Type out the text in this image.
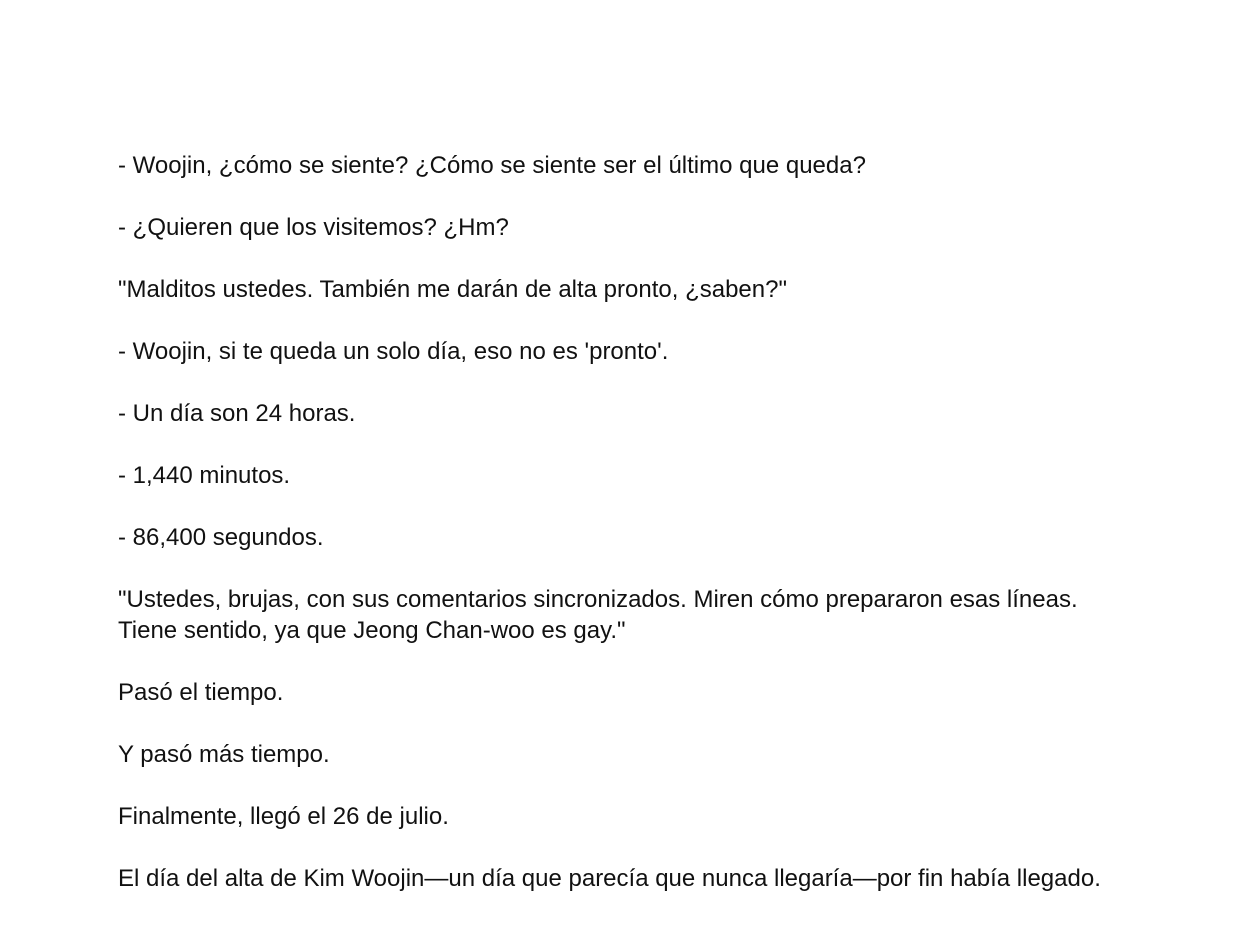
- Woojin, ¿cómo se siente? ¿Cómo se siente ser el último que queda?

- ¿Quieren que los visitemos? ¿Hm?

"Malditos ustedes. También me darán de alta pronto, ¿saben?"

- Woojin, si te queda un solo día, eso no es 'pronto'.

- Un día son 24 horas.

- 1,440 minutos.

- 86,400 segundos.

"Ustedes, brujas, con sus comentarios sincronizados. Miren cómo prepararon esas líneas. Tiene sentido, ya que Jeong Chan-woo es gay."

Pasó el tiempo.

Y pasó más tiempo.

Finalmente, llegó el 26 de julio.

El día del alta de Kim Woojin—un día que parecía que nunca llegaría—por fin había llegado.
